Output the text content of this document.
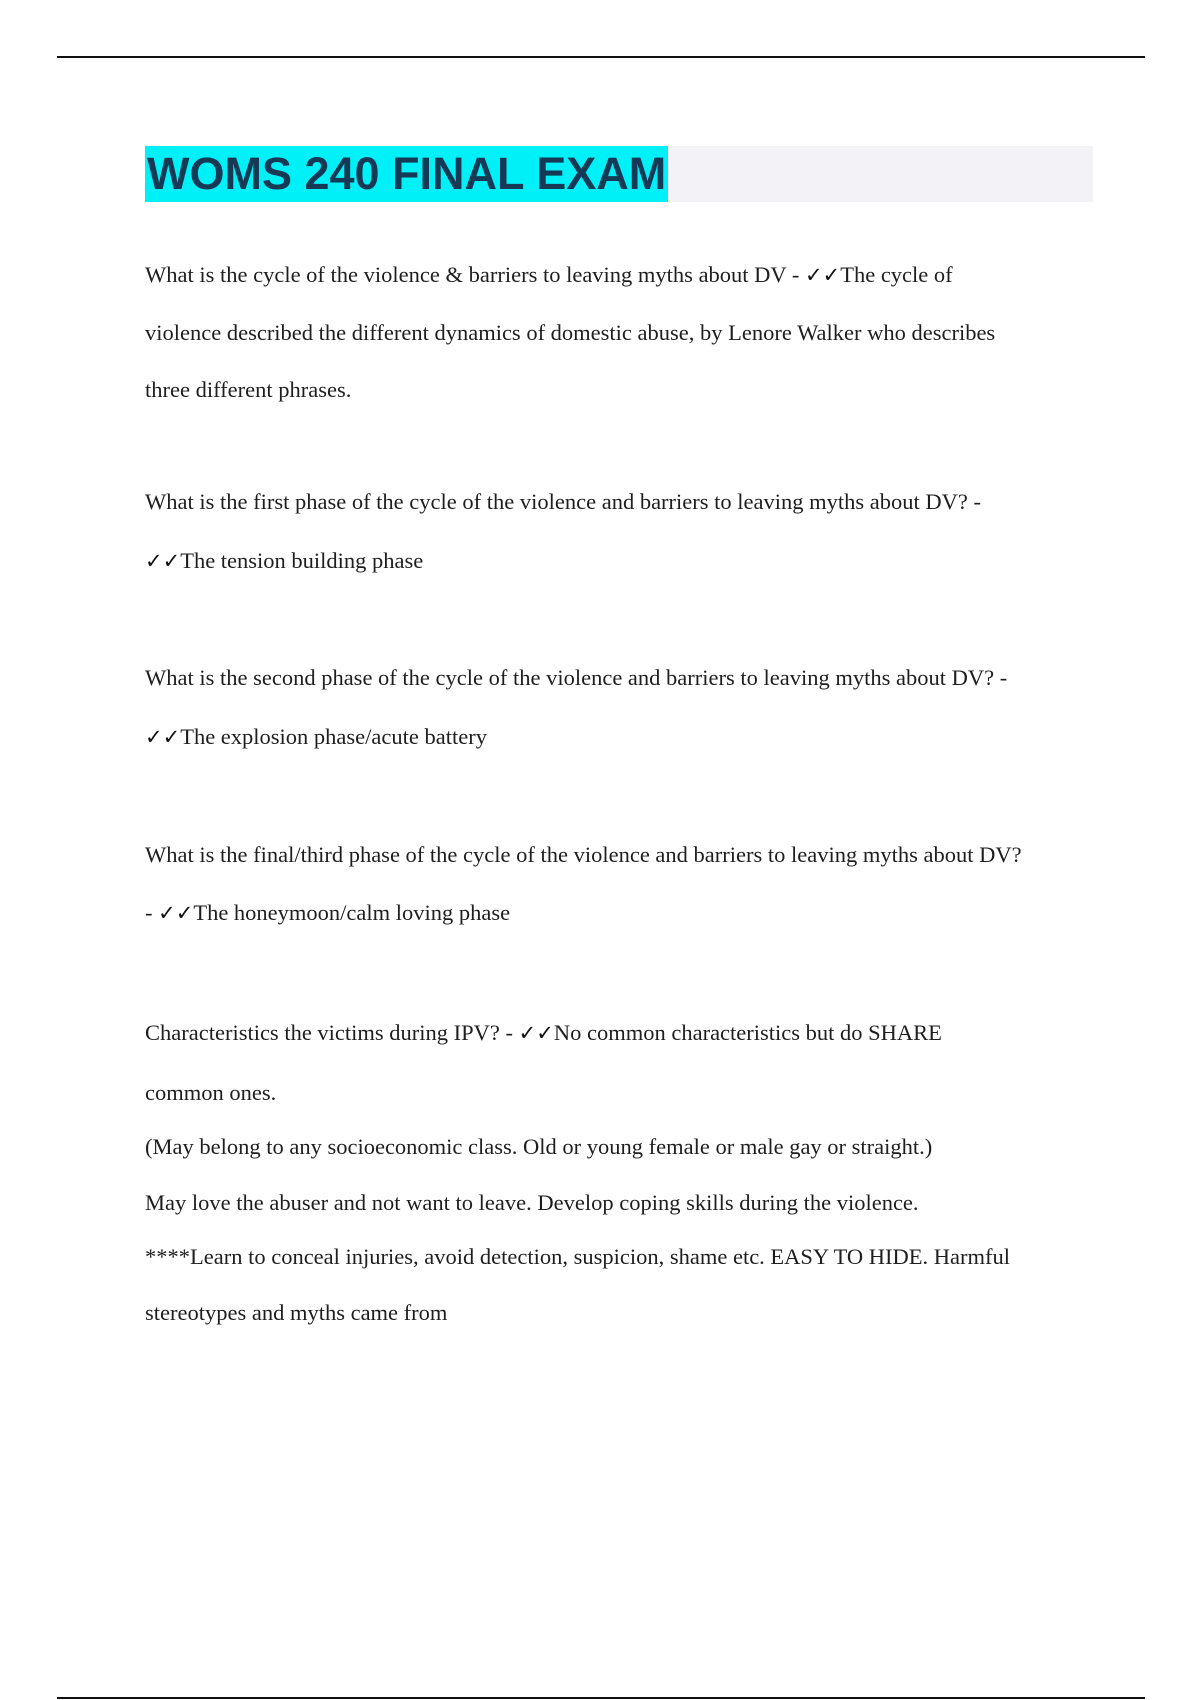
WOMS 240 FINAL EXAM
What is the cycle of the violence & barriers to leaving myths about DV - ✓✓The cycle of
violence described the different dynamics of domestic abuse, by Lenore Walker who describes
three different phrases.
What is the first phase of the cycle of the violence and barriers to leaving myths about DV? -
✓✓The tension building phase
What is the second phase of the cycle of the violence and barriers to leaving myths about DV? -
✓✓The explosion phase/acute battery
What is the final/third phase of the cycle of the violence and barriers to leaving myths about DV?
- ✓✓The honeymoon/calm loving phase
Characteristics the victims during IPV? - ✓✓No common characteristics but do SHARE
common ones.
(May belong to any socioeconomic class. Old or young female or male gay or straight.)
May love the abuser and not want to leave. Develop coping skills during the violence.
****Learn to conceal injuries, avoid detection, suspicion, shame etc. EASY TO HIDE. Harmful
stereotypes and myths came from
